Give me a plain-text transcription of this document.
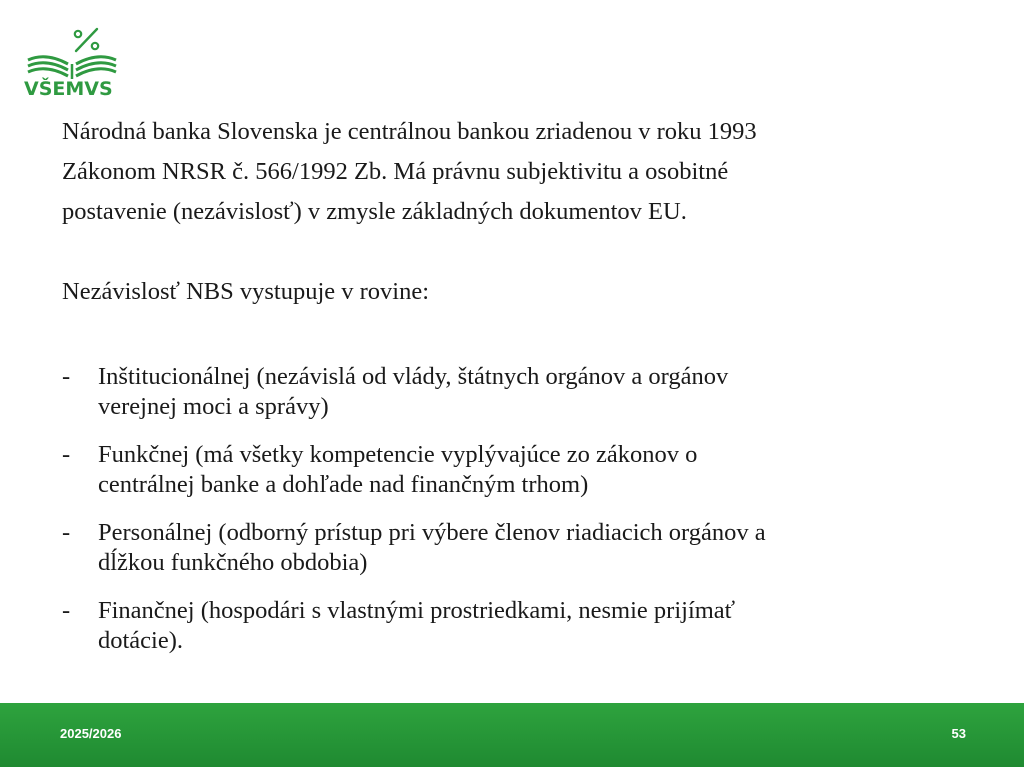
VŠEMVS

Národná banka Slovenska je centrálnou bankou zriadenou v roku 1993

Zákonom NRSR č. 566/1992 Zb. Má právnu subjektivitu a osobitné

postavenie (nezávislosť) v zmysle základných dokumentov EU.

Nezávislosť NBS vystupuje v rovine:

- Inštitucionálnej (nezávislá od vlády, štátnych orgánov a orgánov
verejnej moci a správy)
- Funkčnej (má všetky kompetencie vyplývajúce zo zákonov o
centrálnej banke a dohľade nad finančným trhom)
- Personálnej (odborný prístup pri výbere členov riadiacich orgánov a
dĺžkou funkčného obdobia)
- Finančnej (hospodári s vlastnými prostriedkami, nesmie prijímať
dotácie).
2025/2026	53
